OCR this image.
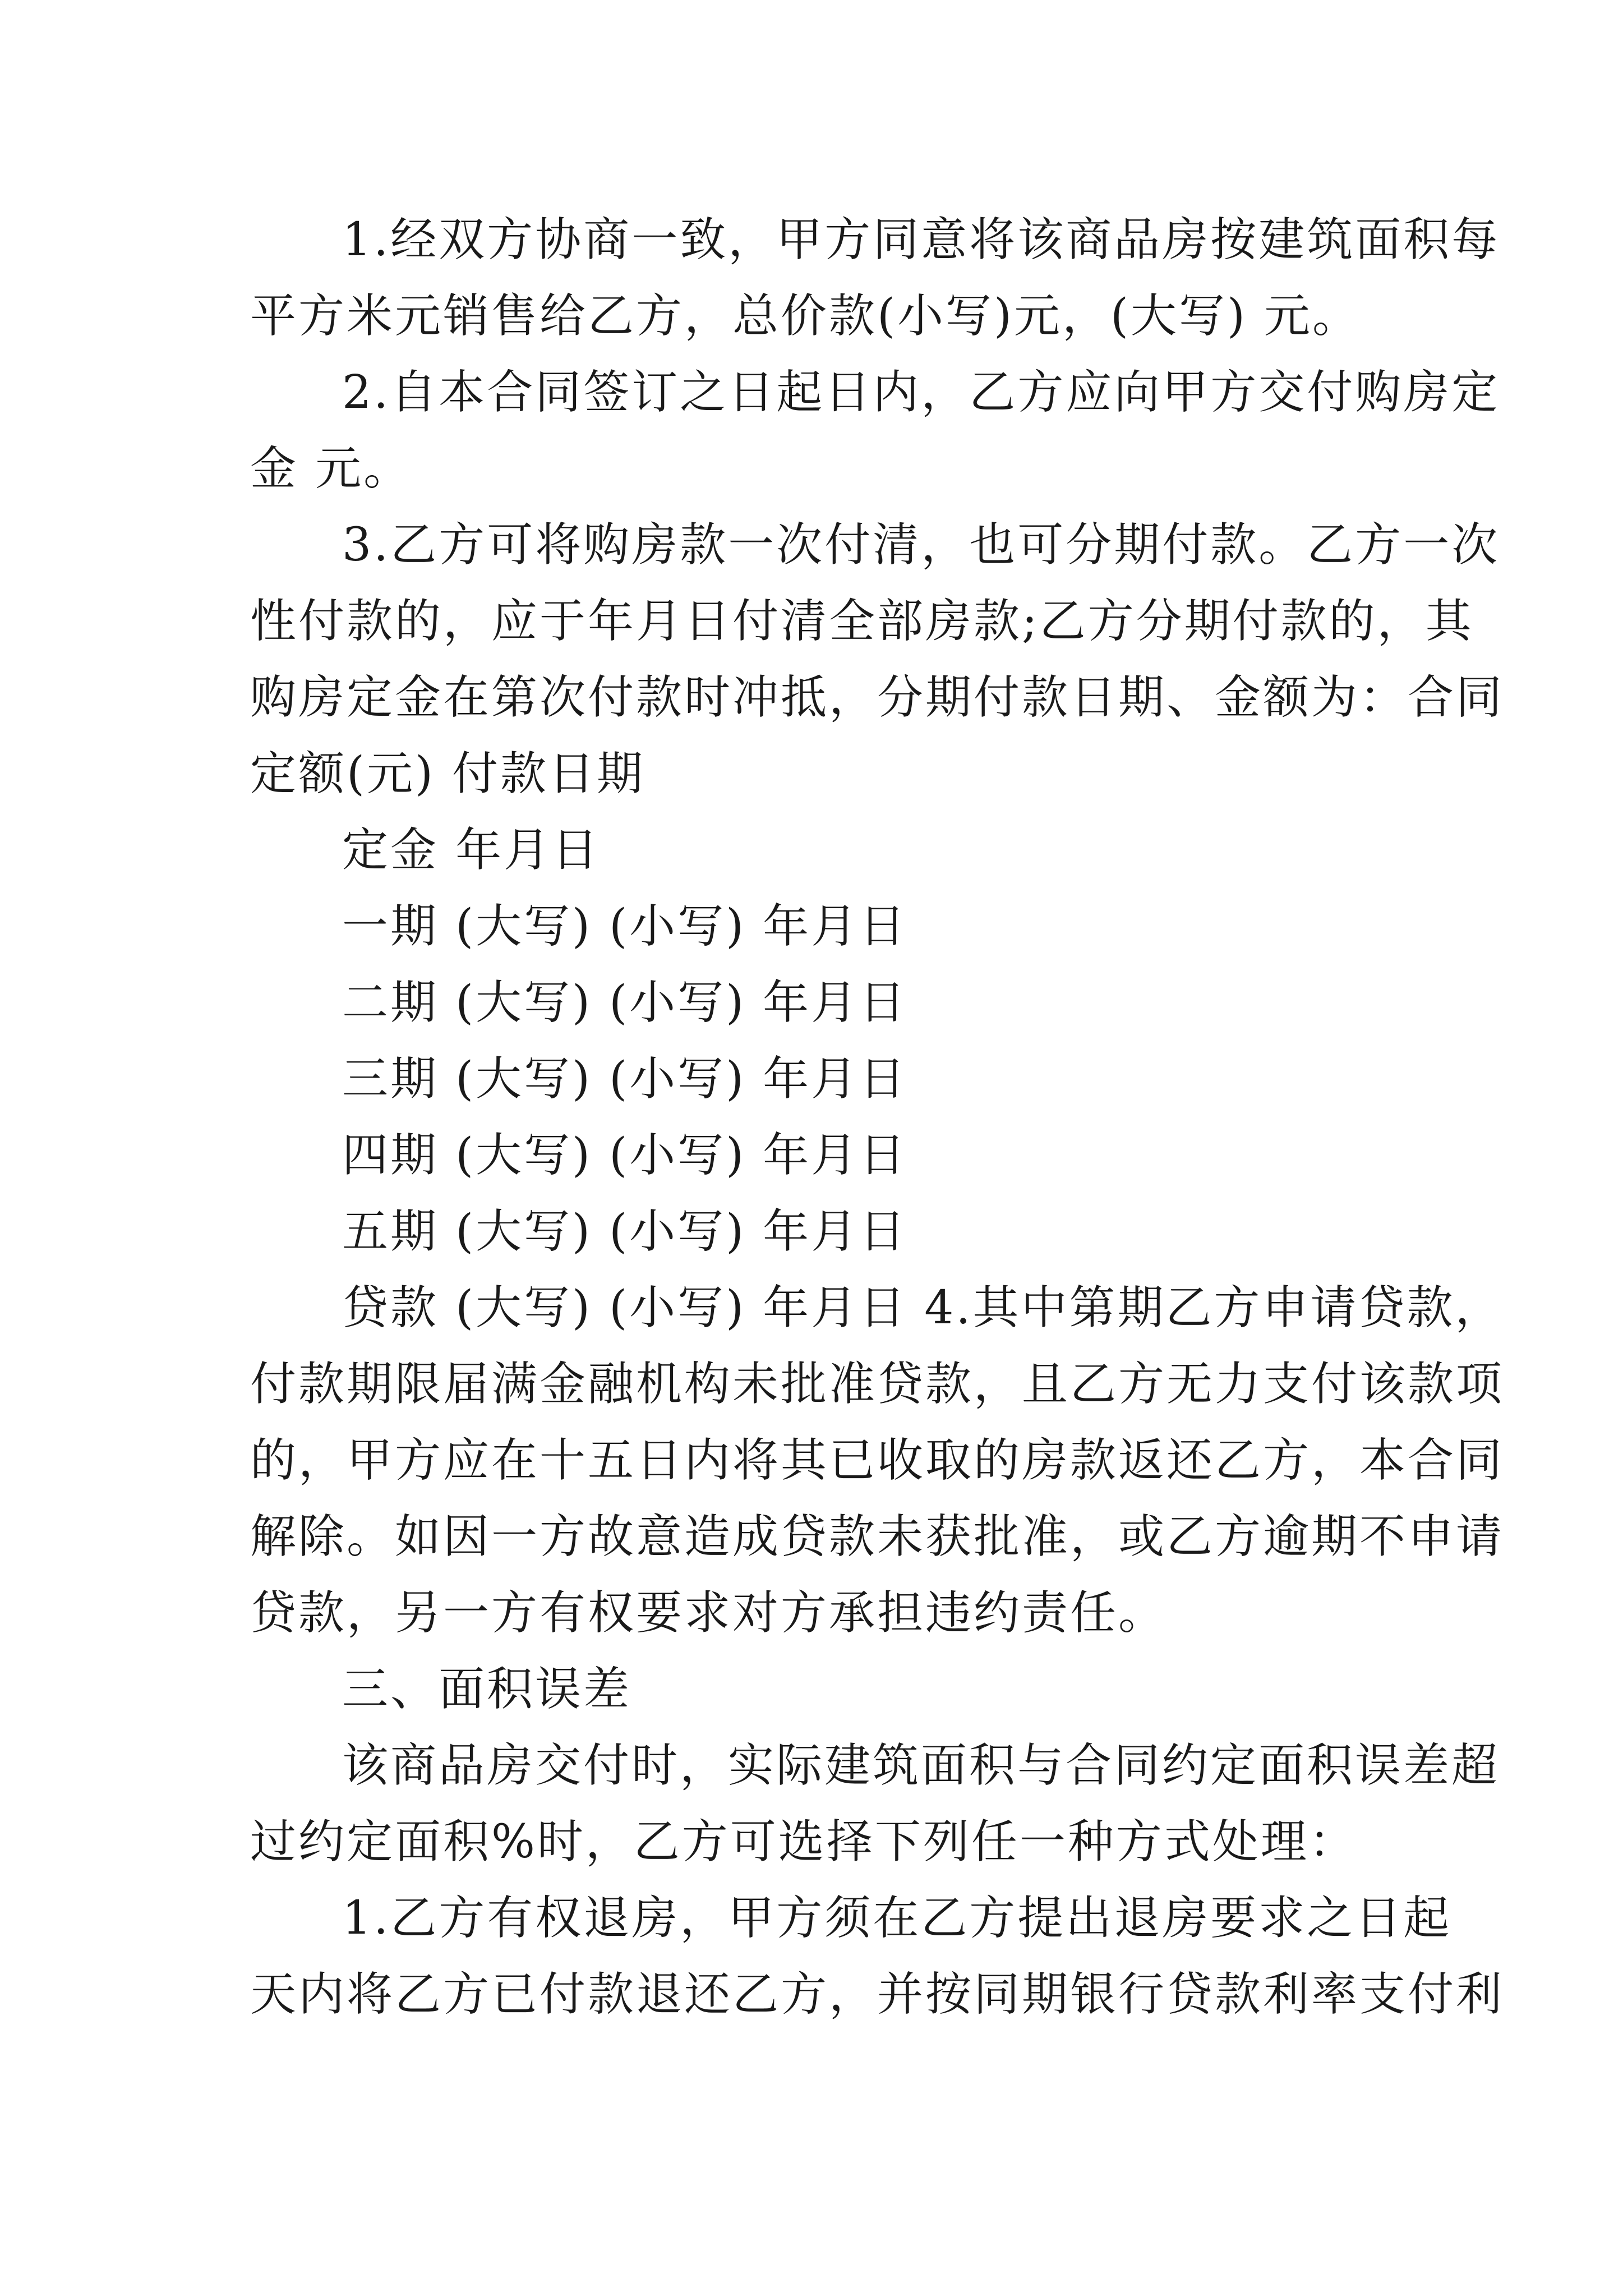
1.经双方协商一致，甲方同意将该商品房按建筑面积每
平方米元销售给乙方，总价款(小写)元，(大写) 元。
2.自本合同签订之日起日内，乙方应向甲方交付购房定
金 元。
3.乙方可将购房款一次付清，也可分期付款。乙方一次
性付款的，应于年月日付清全部房款;乙方分期付款的，其
购房定金在第次付款时冲抵，分期付款日期、金额为：合同
定额(元) 付款日期
定金 年月日
一期 (大写) (小写) 年月日
二期 (大写) (小写) 年月日
三期 (大写) (小写) 年月日
四期 (大写) (小写) 年月日
五期 (大写) (小写) 年月日
贷款 (大写) (小写) 年月日 4.其中第期乙方申请贷款，
付款期限届满金融机构未批准贷款，且乙方无力支付该款项
的，甲方应在十五日内将其已收取的房款返还乙方，本合同
解除。如因一方故意造成贷款未获批准，或乙方逾期不申请
贷款，另一方有权要求对方承担违约责任。
三、面积误差
该商品房交付时，实际建筑面积与合同约定面积误差超
过约定面积%时，乙方可选择下列任一种方式处理：
1.乙方有权退房，甲方须在乙方提出退房要求之日起
天内将乙方已付款退还乙方，并按同期银行贷款利率支付利
